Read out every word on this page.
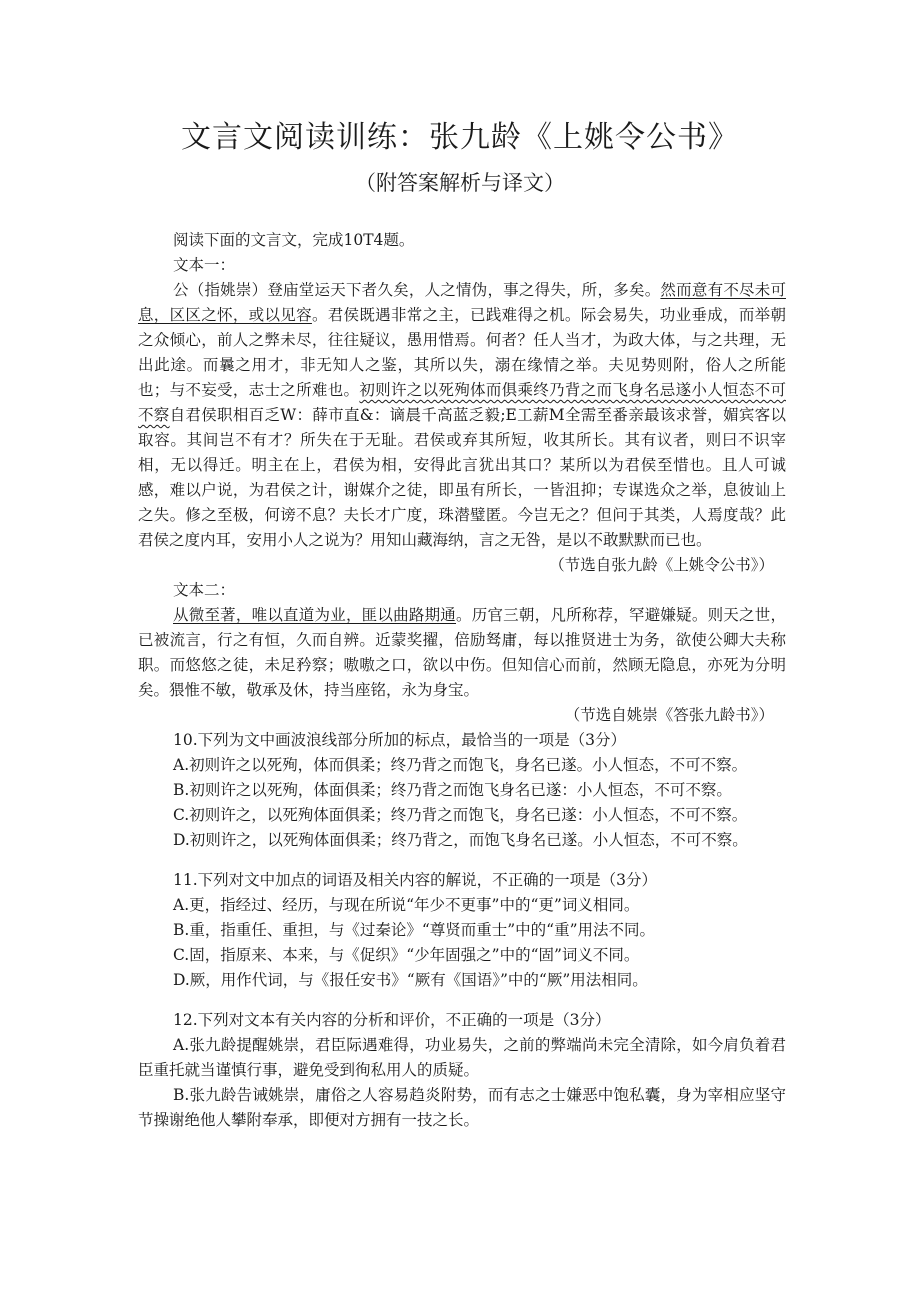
文言文阅读训练：张九龄《上姚令公书》
（附答案解析与译文）

阅读下面的文言文，完成10T4题。

文本一：

公（指姚崇）登庙堂运天下者久矣，人之情伪，事之得失，所，多矣。然而意有不尽未可息，区区之怀，或以见容。君侯既遇非常之主，已践难得之机。际会易失，功业垂成，而举朝之众倾心，前人之弊未尽，往往疑议，愚用惜焉。何者？任人当才，为政大体，与之共理，无出此途。而曩之用才，非无知人之鉴，其所以失，溺在缘情之举。夫见势则附，俗人之所能也；与不妄受，志士之所难也。初则许之以死殉体而俱乘终乃背之而飞身名忌遂小人恒态不可不察自君侯职相百乏W：薛市直&：谪晨千高蓝乏毅;E工薪M全需至番亲最该求誉，媚宾客以取容。其间岂不有才？所失在于无耻。君侯或弃其所短，收其所长。其有议者，则曰不识宰相，无以得迁。明主在上，君侯为相，安得此言犹出其口？某所以为君侯至惜也。且人可诚感，难以户说，为君侯之计，谢媒介之徒，即虽有所长，一皆沮抑；专谋选众之举，息彼讪上之失。修之至极，何谤不息？夫长才广度，珠潜璧匿。今岂无之？但问于其类，人焉度哉？此君侯之度内耳，安用小人之说为？用知山藏海纳，言之无咎，是以不敢默默而已也。

（节选自张九龄《上姚令公书》）

文本二：

从微至著，唯以直道为业，匪以曲路期通。历官三朝，凡所称荐，罕避嫌疑。则天之世，已被流言，行之有恒，久而自辨。近蒙奖擢，倍励驽庸，每以推贤进士为务，欲使公卿大夫称职。而悠悠之徒，未足矜察；嗷嗷之口，欲以中伤。但知信心而前，然顾无隐息，亦死为分明矣。猥惟不敏，敬承及休，持当座铭，永为身宝。

（节选自姚崇《答张九龄书》）

10.下列为文中画波浪线部分所加的标点，最恰当的一项是（3分）

A.初则许之以死殉，体而俱柔；终乃背之而饱飞，身名已遂。小人恒态，不可不察。

B.初则许之以死殉，体面俱柔；终乃背之而饱飞身名已遂：小人恒态，不可不察。

C.初则许之，以死殉体面俱柔；终乃背之而饱飞，身名已遂：小人恒态，不可不察。

D.初则许之，以死殉体面俱柔；终乃背之，而饱飞身名已遂。小人恒态，不可不察。

11.下列对文中加点的词语及相关内容的解说，不正确的一项是（3分）

A.更，指经过、经历，与现在所说“年少不更事”中的“更”词义相同。

B.重，指重任、重担，与《过秦论》“尊贤而重士”中的“重”用法不同。

C.固，指原来、本来，与《促织》“少年固强之”中的“固”词义不同。

D.厥，用作代词，与《报任安书》“厥有《国语》”中的“厥”用法相同。

12.下列对文本有关内容的分析和评价，不正确的一项是（3分）

A.张九龄提醒姚崇，君臣际遇难得，功业易失，之前的弊端尚未完全清除，如今肩负着君臣重托就当谨慎行事，避免受到徇私用人的质疑。

B.张九龄告诫姚崇，庸俗之人容易趋炎附势，而有志之士嫌恶中饱私囊，身为宰相应坚守节操谢绝他人攀附奉承，即便对方拥有一技之长。
